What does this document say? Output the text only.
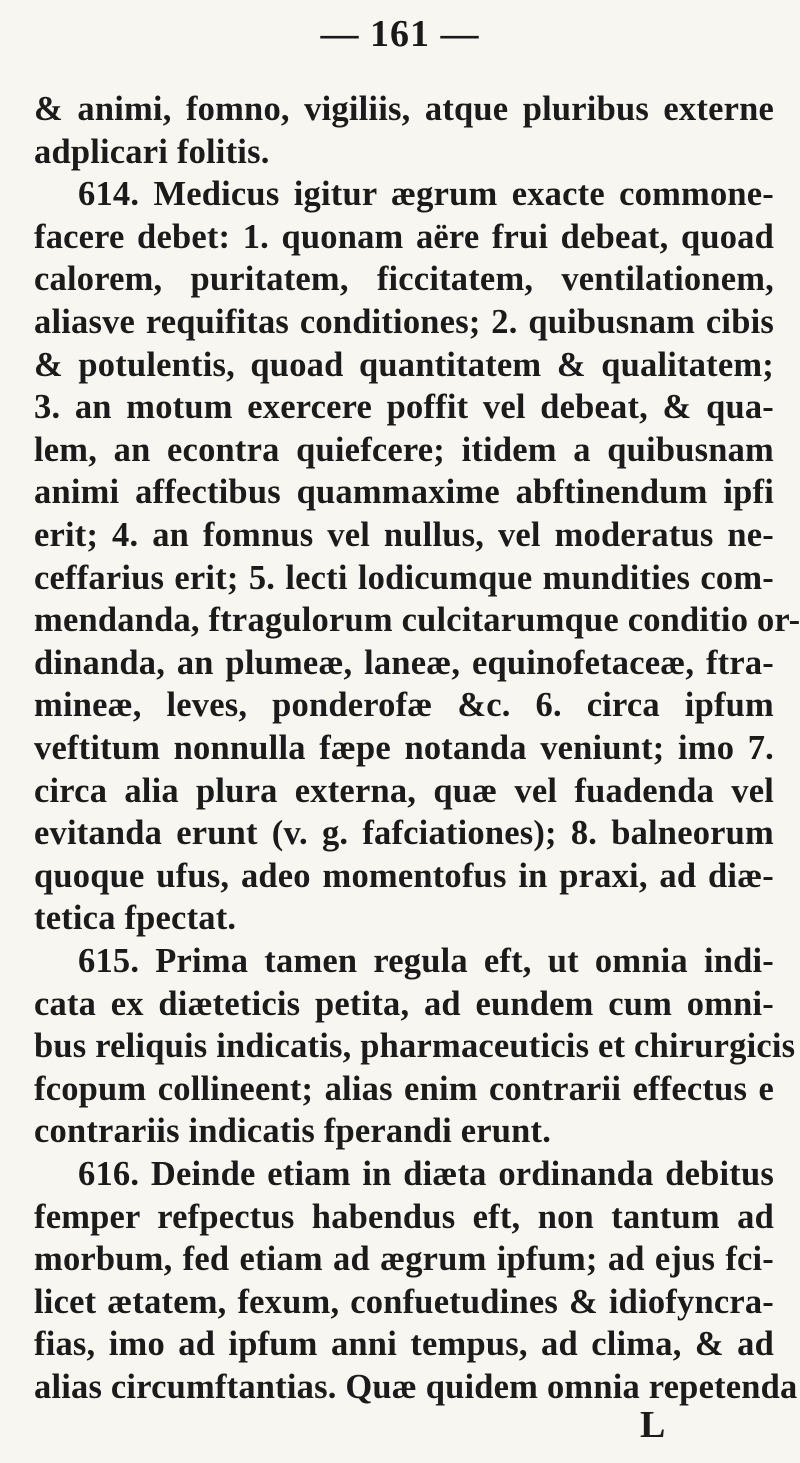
— 161 —
& animi, fomno, vigiliis, atque pluribus externe
adplicari folitis.
614. Medicus igitur ægrum exacte commone-
facere debet: 1. quonam aëre frui debeat, quoad
calorem, puritatem, ficcitatem, ventilationem,
aliasve requifitas conditiones; 2. quibusnam cibis
& potulentis, quoad quantitatem & qualitatem;
3. an motum exercere poffit vel debeat, & qua-
lem, an econtra quiefcere; itidem a quibusnam
animi affectibus quammaxime abftinendum ipfi
erit; 4. an fomnus vel nullus, vel moderatus ne-
ceffarius erit; 5. lecti lodicumque mundities com-
mendanda, ftragulorum culcitarumque conditio or-
dinanda, an plumeæ, laneæ, equinofetaceæ, ftra-
mineæ, leves, ponderofæ &c. 6. circa ipfum
veftitum nonnulla fæpe notanda veniunt; imo 7.
circa alia plura externa, quæ vel fuadenda vel
evitanda erunt (v. g. fafciationes); 8. balneorum
quoque ufus, adeo momentofus in praxi, ad diæ-
tetica fpectat.
615. Prima tamen regula eft, ut omnia indi-
cata ex diæteticis petita, ad eundem cum omni-
bus reliquis indicatis, pharmaceuticis et chirurgicis
fcopum collineent; alias enim contrarii effectus e
contrariis indicatis fperandi erunt.
616. Deinde etiam in diæta ordinanda debitus
femper refpectus habendus eft, non tantum ad
morbum, fed etiam ad ægrum ipfum; ad ejus fci-
licet ætatem, fexum, confuetudines & idiofyncra-
fias, imo ad ipfum anni tempus, ad clima, & ad
alias circumftantias. Quæ quidem omnia repetenda
L
